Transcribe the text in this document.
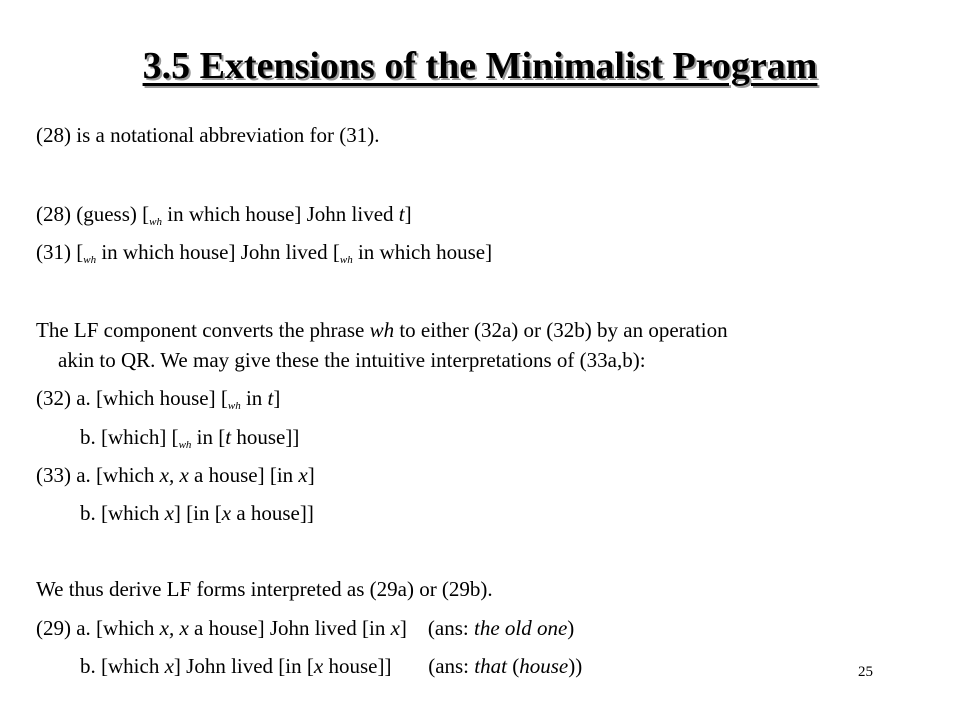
3.5 Extensions of the Minimalist Program
(28) is a notational abbreviation for (31).
(28) (guess) [$_{wh}$ in which house] John lived t]
(31) [$_{wh}$ in which house] John lived [$_{wh}$ in which house]
The LF component converts the phrase wh to either (32a) or (32b) by an operation
akin to QR. We may give these the intuitive interpretations of (33a,b):
(32) a. [which house] [$_{wh}$ in t]
b. [which] [$_{wh}$ in [t house]]
(33) a. [which x, x a house] [in x]
b. [which x] [in [x a house]]
We thus derive LF forms interpreted as (29a) or (29b).
(29) a. [which x, x a house] John lived [in x]    (ans: the old one)
b. [which x] John lived [in [x house]]       (ans: that (house))	25
